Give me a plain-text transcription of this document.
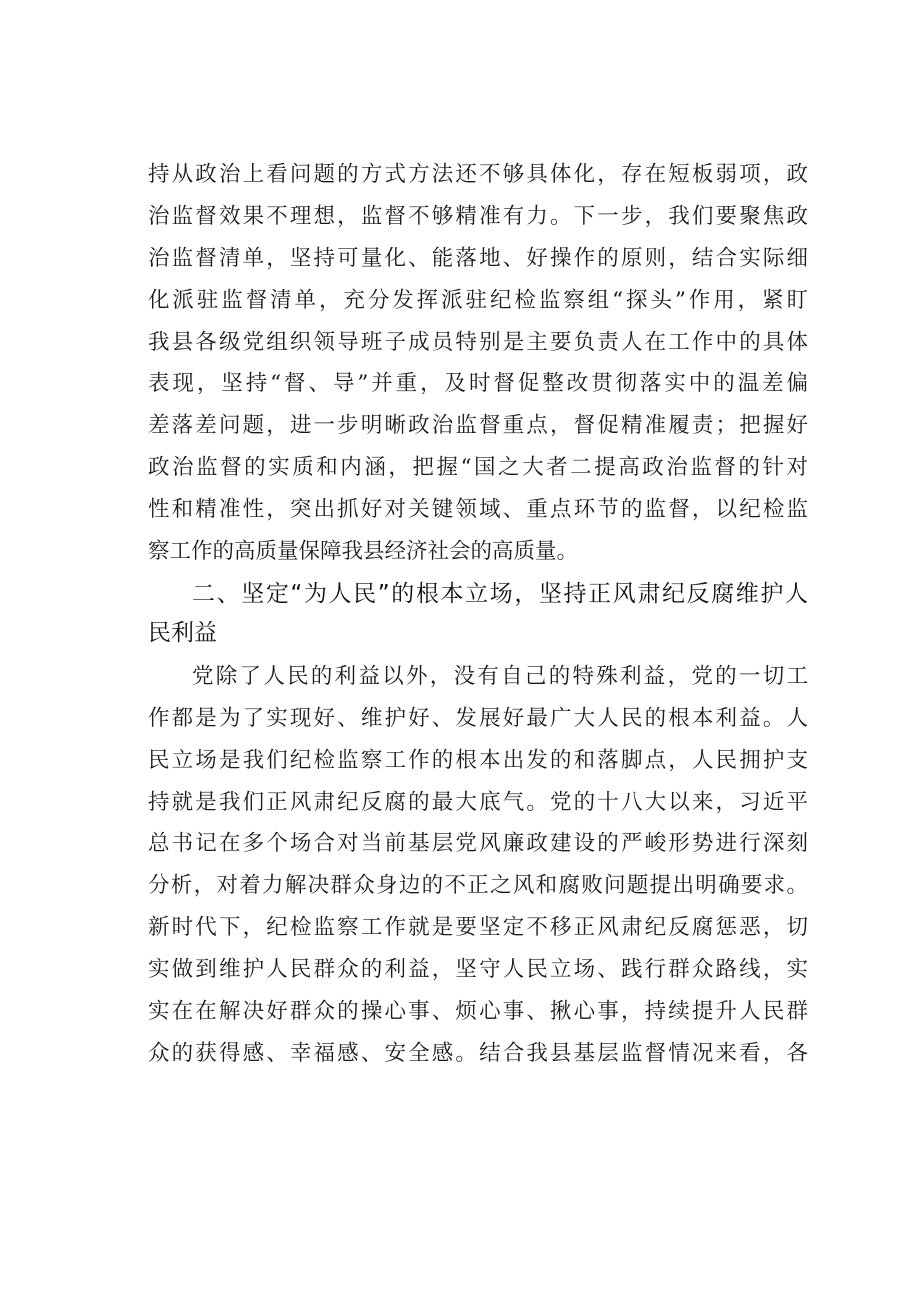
持从政治上看问题的方式方法还不够具体化，存在短板弱项，政
治监督效果不理想，监督不够精准有力。下一步，我们要聚焦政
治监督清单，坚持可量化、能落地、好操作的原则，结合实际细
化派驻监督清单，充分发挥派驻纪检监察组“探头”作用，紧盯
我县各级党组织领导班子成员特别是主要负责人在工作中的具体
表现，坚持“督、导”并重，及时督促整改贯彻落实中的温差偏
差落差问题，进一步明晰政治监督重点，督促精准履责；把握好
政治监督的实质和内涵，把握“国之大者二提高政治监督的针对
性和精准性，突出抓好对关键领域、重点环节的监督，以纪检监
察工作的高质量保障我县经济社会的高质量。
二、坚定“为人民”的根本立场，坚持正风肃纪反腐维护人
民利益
党除了人民的利益以外，没有自己的特殊利益，党的一切工
作都是为了实现好、维护好、发展好最广大人民的根本利益。人
民立场是我们纪检监察工作的根本出发的和落脚点，人民拥护支
持就是我们正风肃纪反腐的最大底气。党的十八大以来，习近平
总书记在多个场合对当前基层党风廉政建设的严峻形势进行深刻
分析，对着力解决群众身边的不正之风和腐败问题提出明确要求。
新时代下，纪检监察工作就是要坚定不移正风肃纪反腐惩恶，切
实做到维护人民群众的利益，坚守人民立场、践行群众路线，实
实在在解决好群众的操心事、烦心事、揪心事，持续提升人民群
众的获得感、幸福感、安全感。结合我县基层监督情况来看，各
